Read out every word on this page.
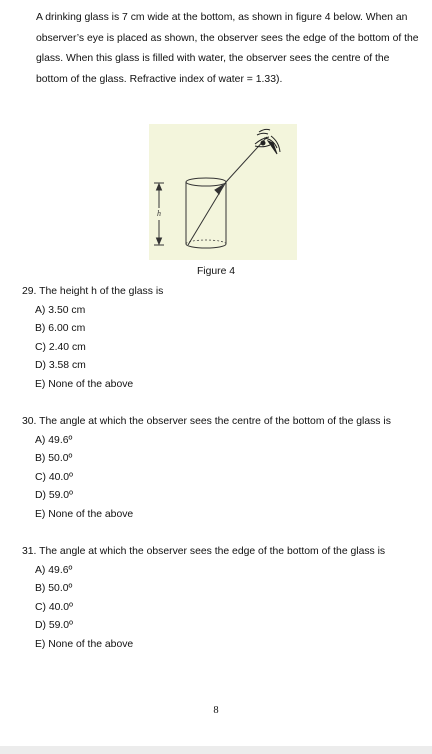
A drinking glass is 7 cm wide at the bottom, as shown in figure 4 below. When an observer’s eye is placed as shown, the observer sees the edge of the bottom of the glass. When this glass is filled with water, the observer sees the centre of the bottom of the glass. Refractive index of water = 1.33).
h
Figure 4
29. The height h of the glass is
A) 3.50 cm
B) 6.00 cm
C) 2.40 cm
D) 3.58 cm
E) None of the above
30. The angle at which the observer sees the centre of the bottom of the glass is
A) 49.6º
B) 50.0º
C) 40.0º
D) 59.0º
E) None of the above
31. The angle at which the observer sees the edge of the bottom of the glass is
A) 49.6º
B) 50.0º
C) 40.0º
D) 59.0º
E) None of the above
8
